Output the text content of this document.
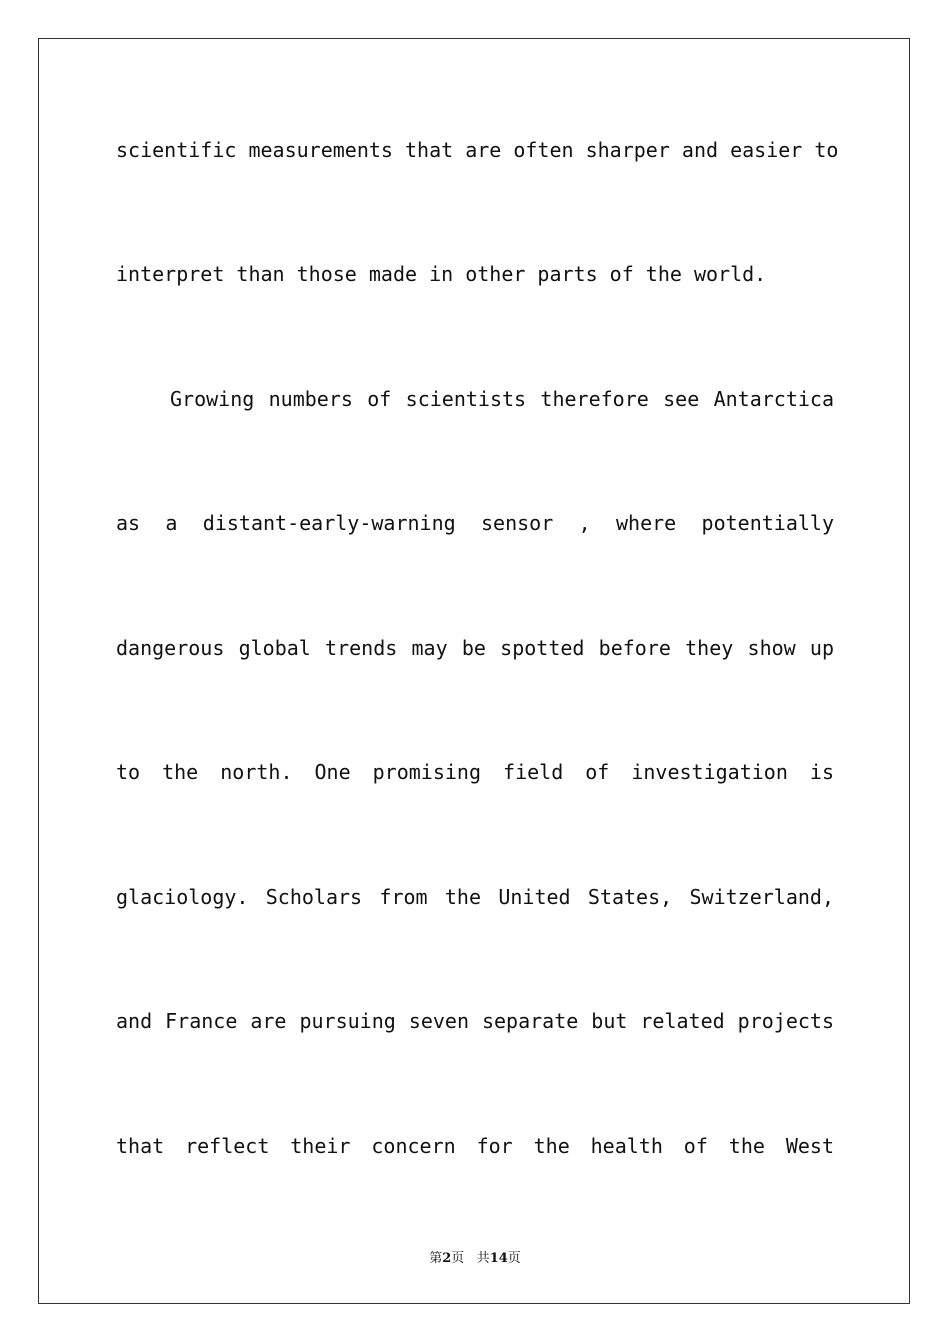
scientific measurements that are often sharper and easier to
interpret than those made in other parts of the world.
Growing numbers of scientists therefore see Antarctica
as a distant-early-warning sensor , where potentially
dangerous global trends may be spotted before they show up
to the north. One promising field of investigation is
glaciology. Scholars from the United States, Switzerland,
and France are pursuing seven separate but related projects
that reflect their concern for the health of the West
第2页 共14页
